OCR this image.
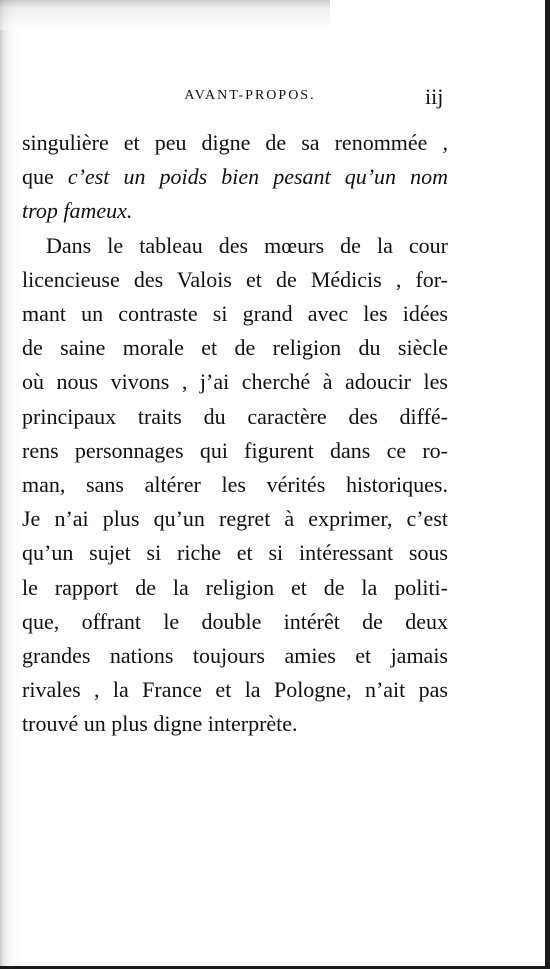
AVANT-PROPOS.	iij
singulière et peu digne de sa renommée ,
que c’est un poids bien pesant qu’un nom
trop fameux.
Dans le tableau des mœurs de la cour
licencieuse des Valois et de Médicis , for-
mant un contraste si grand avec les idées
de saine morale et de religion du siècle
où nous vivons , j’ai cherché à adoucir les
principaux traits du caractère des diffé-
rens personnages qui figurent dans ce ro-
man, sans altérer les vérités historiques.
Je n’ai plus qu’un regret à exprimer, c’est
qu’un sujet si riche et si intéressant sous
le rapport de la religion et de la politi-
que, offrant le double intérêt de deux
grandes nations toujours amies et jamais
rivales , la France et la Pologne, n’ait pas
trouvé un plus digne interprète.
